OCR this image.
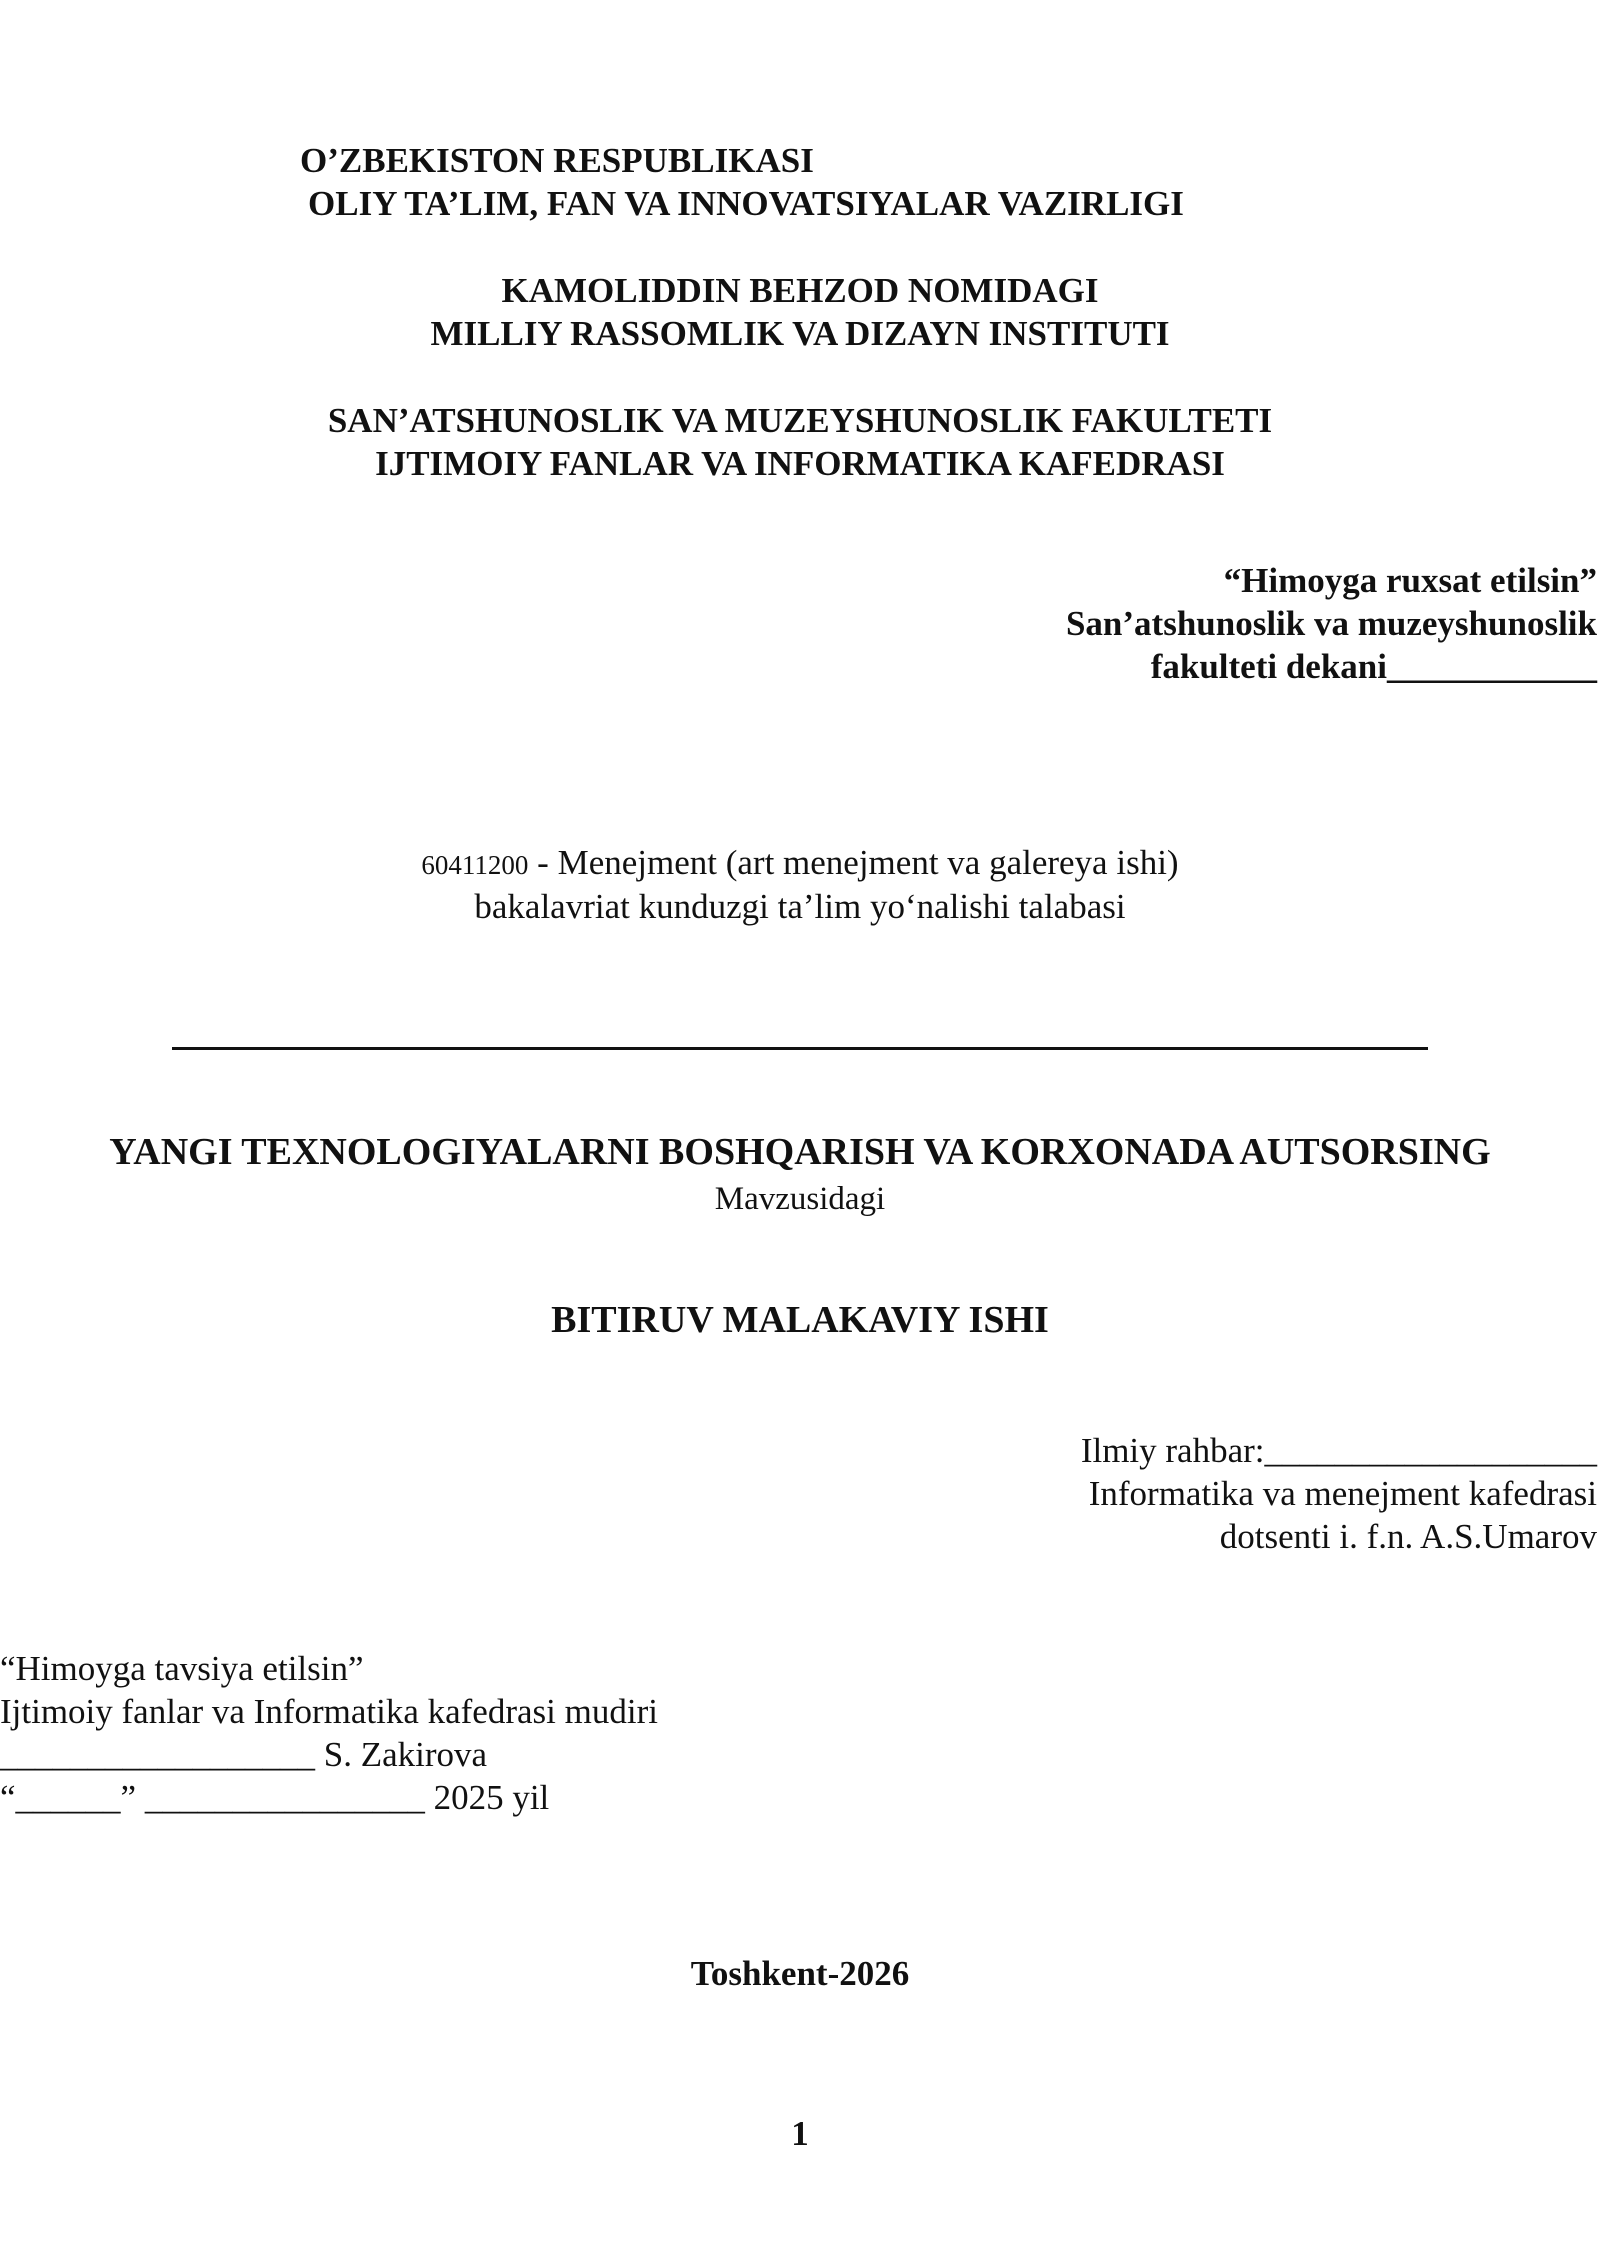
O’ZBEKISTON RESPUBLIKASI
OLIY TA’LIM, FAN VA INNOVATSIYALAR VAZIRLIGI
KAMOLIDDIN BEHZOD NOMIDAGI
MILLIY RASSOMLIK VA DIZAYN INSTITUTI
SAN’ATSHUNOSLIK VA MUZEYSHUNOSLIK FAKULTETI
IJTIMOIY FANLAR VA INFORMATIKA KAFEDRASI
“Himoyga ruxsat etilsin”
San’atshunoslik va muzeyshunoslik
fakulteti dekani____________
60411200 - Menejment (art menejment va galereya ishi)
bakalavriat kunduzgi ta’lim yo‘nalishi talabasi
YANGI TEXNOLOGIYALARNI BOSHQARISH VA KORXONADA AUTSORSING
Mavzusidagi
BITIRUV MALAKAVIY ISHI
Ilmiy rahbar:___________________
Informatika va menejment kafedrasi
dotsenti i. f.n. A.S.Umarov
“Himoyga tavsiya etilsin”
Ijtimoiy fanlar va Informatika kafedrasi mudiri
__________________ S. Zakirova
“______” ________________ 2025 yil
Toshkent-2026
1
